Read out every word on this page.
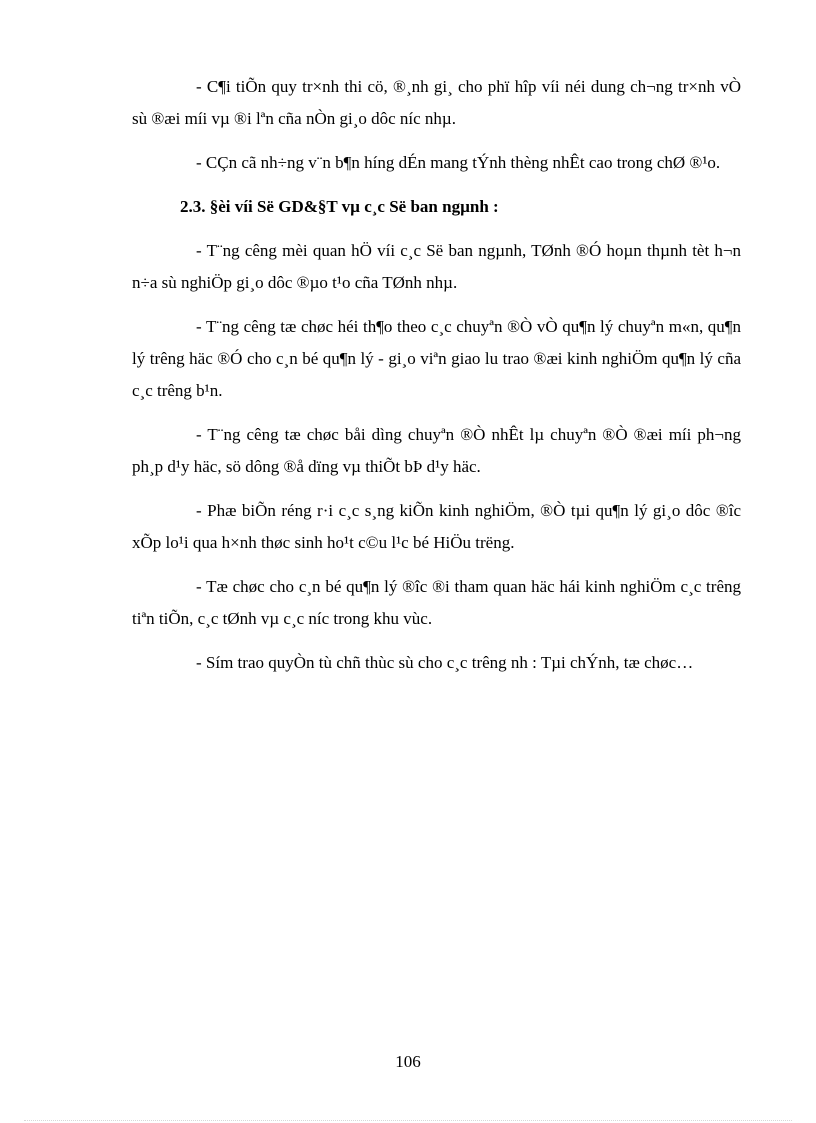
- C¶i tiÕn quy tr×nh thi cö, ®¸nh gi¸ cho phï hîp víi néi dung ch¬ng tr×nh vÒ sù ®æi míi vµ ®i lªn cña nÒn gi¸o dôc níc nhµ.

- CÇn cã nh÷ng v¨n b¶n híng dÉn mang tÝnh thèng nhÊt cao trong chØ ®¹o.

2.3. §èi víi Së GD&§T vµ c¸c Së ban ngµnh :

- T¨ng cêng mèi quan hÖ víi c¸c Së ban ngµnh, TØnh ®Ó hoµn thµnh tèt h¬n n÷a sù nghiÖp gi¸o dôc ®µo t¹o cña TØnh nhµ.

- T¨ng cêng tæ chøc héi th¶o theo c¸c chuyªn ®Ò vÒ qu¶n lý chuyªn m«n, qu¶n lý trêng häc ®Ó cho c¸n bé qu¶n lý - gi¸o viªn giao lu trao ®æi kinh nghiÖm qu¶n lý cña c¸c trêng b¹n.

- T¨ng cêng tæ chøc båi dìng chuyªn ®Ò nhÊt lµ chuyªn ®Ò ®æi míi ph¬ng ph¸p d¹y häc, sö dông ®å dïng vµ thiÕt bÞ d¹y häc.

- Phæ biÕn réng r·i c¸c s¸ng kiÕn kinh nghiÖm, ®Ò tµi qu¶n lý gi¸o dôc ®îc xÕp lo¹i qua h×nh thøc sinh ho¹t c©u l¹c bé HiÖu trëng.

- Tæ chøc cho c¸n bé qu¶n lý ®îc ®i tham quan häc hái kinh nghiÖm c¸c trêng tiªn tiÕn, c¸c tØnh vµ c¸c níc trong khu vùc.

- Sím trao quyÒn tù chñ thùc sù cho c¸c trêng nh : Tµi chÝnh, tæ chøc…

106
